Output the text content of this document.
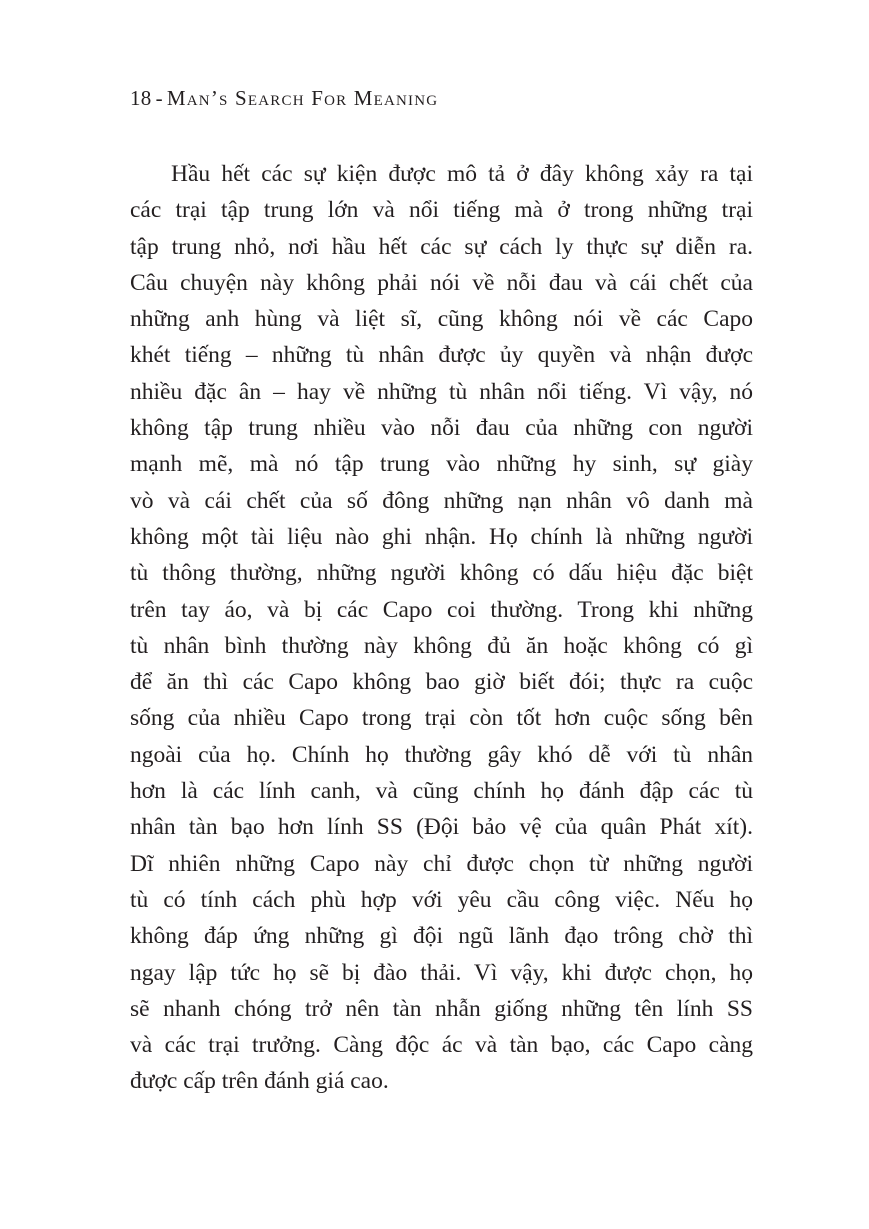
18 - Man’s Search For Meaning
Hầu hết các sự kiện được mô tả ở đây không xảy ra tại
các trại tập trung lớn và nổi tiếng mà ở trong những trại
tập trung nhỏ, nơi hầu hết các sự cách ly thực sự diễn ra.
Câu chuyện này không phải nói về nỗi đau và cái chết của
những anh hùng và liệt sĩ, cũng không nói về các Capo
khét tiếng – những tù nhân được ủy quyền và nhận được
nhiều đặc ân – hay về những tù nhân nổi tiếng. Vì vậy, nó
không tập trung nhiều vào nỗi đau của những con người
mạnh mẽ, mà nó tập trung vào những hy sinh, sự giày
vò và cái chết của số đông những nạn nhân vô danh mà
không một tài liệu nào ghi nhận. Họ chính là những người
tù thông thường, những người không có dấu hiệu đặc biệt
trên tay áo, và bị các Capo coi thường. Trong khi những
tù nhân bình thường này không đủ ăn hoặc không có gì
để ăn thì các Capo không bao giờ biết đói; thực ra cuộc
sống của nhiều Capo trong trại còn tốt hơn cuộc sống bên
ngoài của họ. Chính họ thường gây khó dễ với tù nhân
hơn là các lính canh, và cũng chính họ đánh đập các tù
nhân tàn bạo hơn lính SS (Đội bảo vệ của quân Phát xít).
Dĩ nhiên những Capo này chỉ được chọn từ những người
tù có tính cách phù hợp với yêu cầu công việc. Nếu họ
không đáp ứng những gì đội ngũ lãnh đạo trông chờ thì
ngay lập tức họ sẽ bị đào thải. Vì vậy, khi được chọn, họ
sẽ nhanh chóng trở nên tàn nhẫn giống những tên lính SS
và các trại trưởng. Càng độc ác và tàn bạo, các Capo càng
được cấp trên đánh giá cao.
